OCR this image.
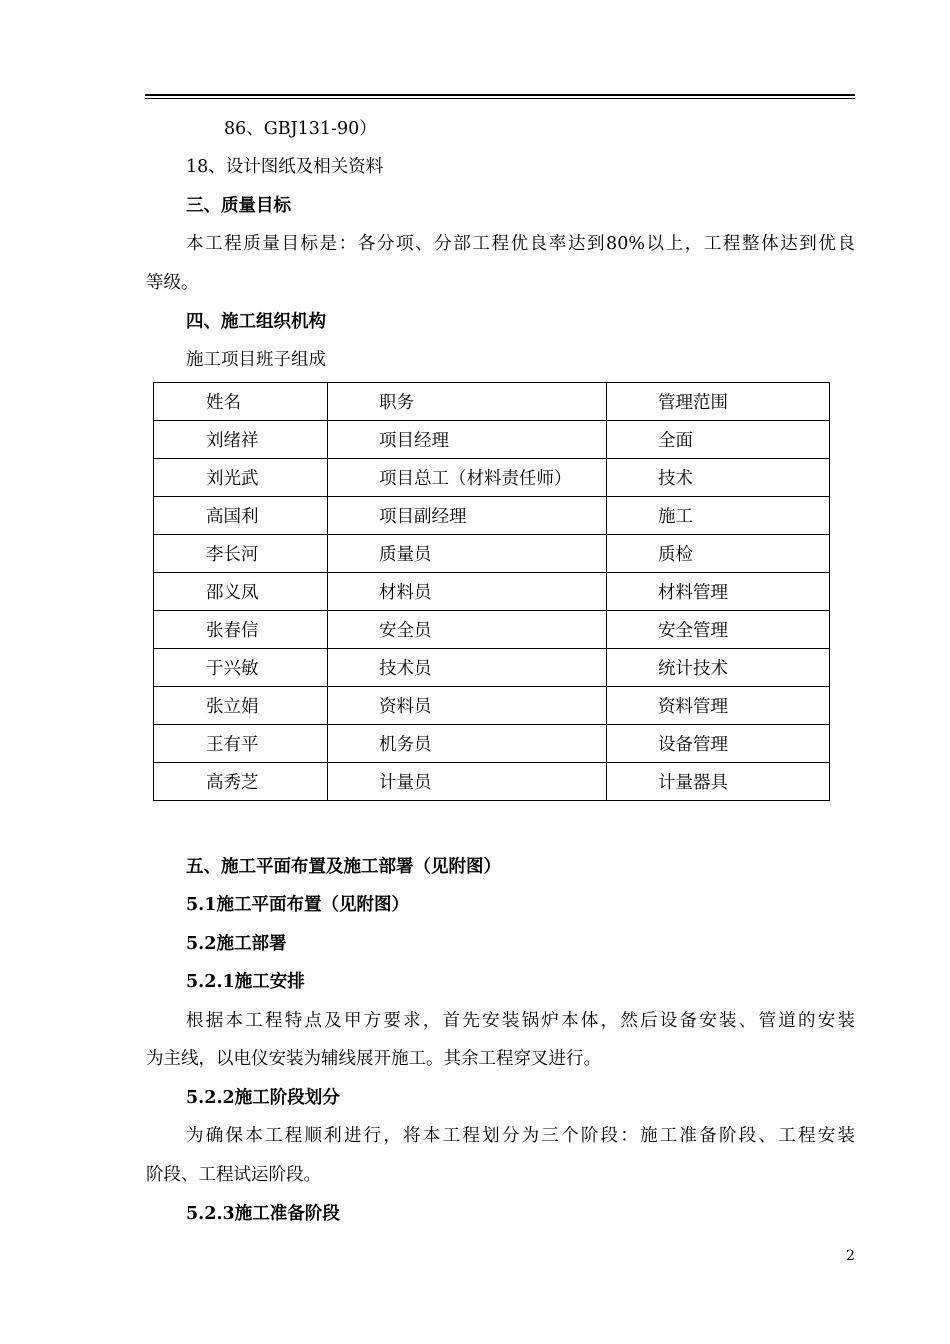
86、GBJ131-90）
18、设计图纸及相关资料
三、质量目标
本工程质量目标是：各分项、分部工程优良率达到80%以上，工程整体达到优良
等级。
四、施工组织机构
施工项目班子组成
姓名	职务	管理范围
刘绪祥	项目经理	全面
刘光武	项目总工（材料责任师）	技术
高国利	项目副经理	施工
李长河	质量员	质检
邵义凤	材料员	材料管理
张春信	安全员	安全管理
于兴敏	技术员	统计技术
张立娟	资料员	资料管理
王有平	机务员	设备管理
高秀芝	计量员	计量器具
五、施工平面布置及施工部署（见附图）
5.1施工平面布置（见附图）
5.2施工部署
5.2.1施工安排
根据本工程特点及甲方要求，首先安装锅炉本体，然后设备安装、管道的安装
为主线，以电仪安装为辅线展开施工。其余工程穿叉进行。
5.2.2施工阶段划分
为确保本工程顺利进行，将本工程划分为三个阶段：施工准备阶段、工程安装
阶段、工程试运阶段。
5.2.3施工准备阶段
2
